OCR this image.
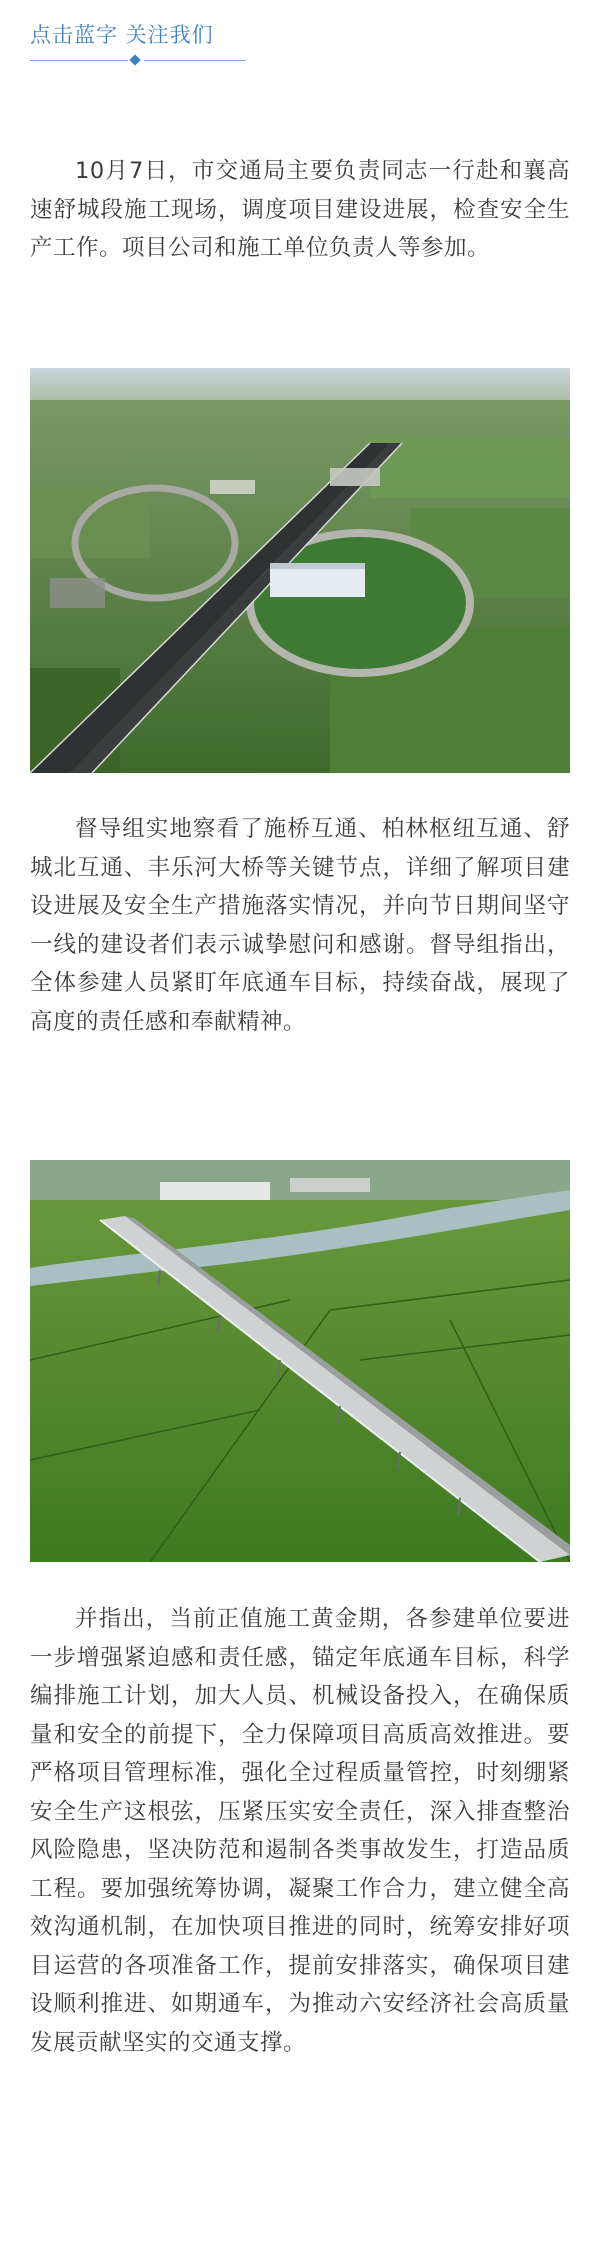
点击蓝字 关注我们

10月7日，市交通局主要负责同志一行赴和襄高速舒城段施工现场，调度项目建设进展，检查安全生产工作。项目公司和施工单位负责人等参加。

督导组实地察看了施桥互通、柏林枢纽互通、舒城北互通、丰乐河大桥等关键节点，详细了解项目建设进展及安全生产措施落实情况，并向节日期间坚守一线的建设者们表示诚挚慰问和感谢。督导组指出，全体参建人员紧盯年底通车目标，持续奋战，展现了高度的责任感和奉献精神。

并指出，当前正值施工黄金期，各参建单位要进一步增强紧迫感和责任感，锚定年底通车目标，科学编排施工计划，加大人员、机械设备投入，在确保质量和安全的前提下，全力保障项目高质高效推进。要严格项目管理标准，强化全过程质量管控，时刻绷紧安全生产这根弦，压紧压实安全责任，深入排查整治风险隐患，坚决防范和遏制各类事故发生，打造品质工程。要加强统筹协调，凝聚工作合力，建立健全高效沟通机制，在加快项目推进的同时，统筹安排好项目运营的各项准备工作，提前安排落实，确保项目建设顺利推进、如期通车，为推动六安经济社会高质量发展贡献坚实的交通支撑。
